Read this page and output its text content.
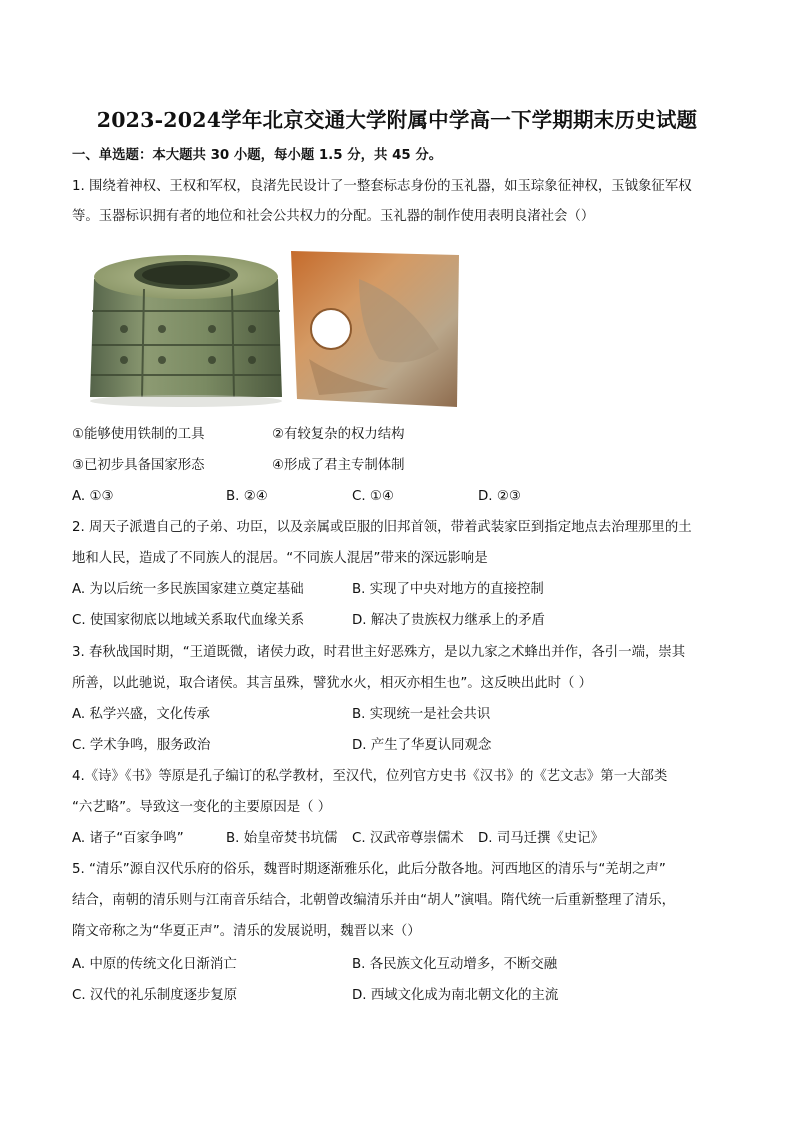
2023-2024学年北京交通大学附属中学高一下学期期末历史试题
一、单选题：本大题共 30 小题，每小题 1.5 分，共 45 分。
1. 围绕着神权、王权和军权，良渚先民设计了一整套标志身份的玉礼器，如玉琮象征神权，玉钺象征军权
等。玉器标识拥有者的地位和社会公共权力的分配。玉礼器的制作使用表明良渚社会（）
①能够使用铁制的工具	②有较复杂的权力结构
③已初步具备国家形态	④形成了君主专制体制
A. ①③	B. ②④	C. ①④	D. ②③
2. 周天子派遣自己的子弟、功臣，以及亲属或臣服的旧邦首领，带着武装家臣到指定地点去治理那里的土
地和人民，造成了不同族人的混居。“不同族人混居”带来的深远影响是
A. 为以后统一多民族国家建立奠定基础	B. 实现了中央对地方的直接控制
C. 使国家彻底以地域关系取代血缘关系	D. 解决了贵族权力继承上的矛盾
3. 春秋战国时期，“王道既微，诸侯力政，时君世主好恶殊方，是以九家之术蜂出并作，各引一端，崇其
所善，以此驰说，取合诸侯。其言虽殊，譬犹水火，相灭亦相生也”。这反映出此时（ ）
A. 私学兴盛，文化传承	B. 实现统一是社会共识
C. 学术争鸣，服务政治	D. 产生了华夏认同观念
4.《诗》《书》等原是孔子编订的私学教材，至汉代，位列官方史书《汉书》的《艺文志》第一大部类
“六艺略”。导致这一变化的主要原因是（ ）
A. 诸子“百家争鸣”	B. 始皇帝焚书坑儒 C. 汉武帝尊崇儒术 D. 司马迁撰《史记》
5. “清乐”源自汉代乐府的俗乐，魏晋时期逐渐雅乐化，此后分散各地。河西地区的清乐与“羌胡之声”
结合，南朝的清乐则与江南音乐结合，北朝曾改编清乐并由“胡人”演唱。隋代统一后重新整理了清乐，
隋文帝称之为“华夏正声”。清乐的发展说明，魏晋以来（）
A. 中原的传统文化日渐消亡	B. 各民族文化互动增多，不断交融
C. 汉代的礼乐制度逐步复原	D. 西域文化成为南北朝文化的主流
